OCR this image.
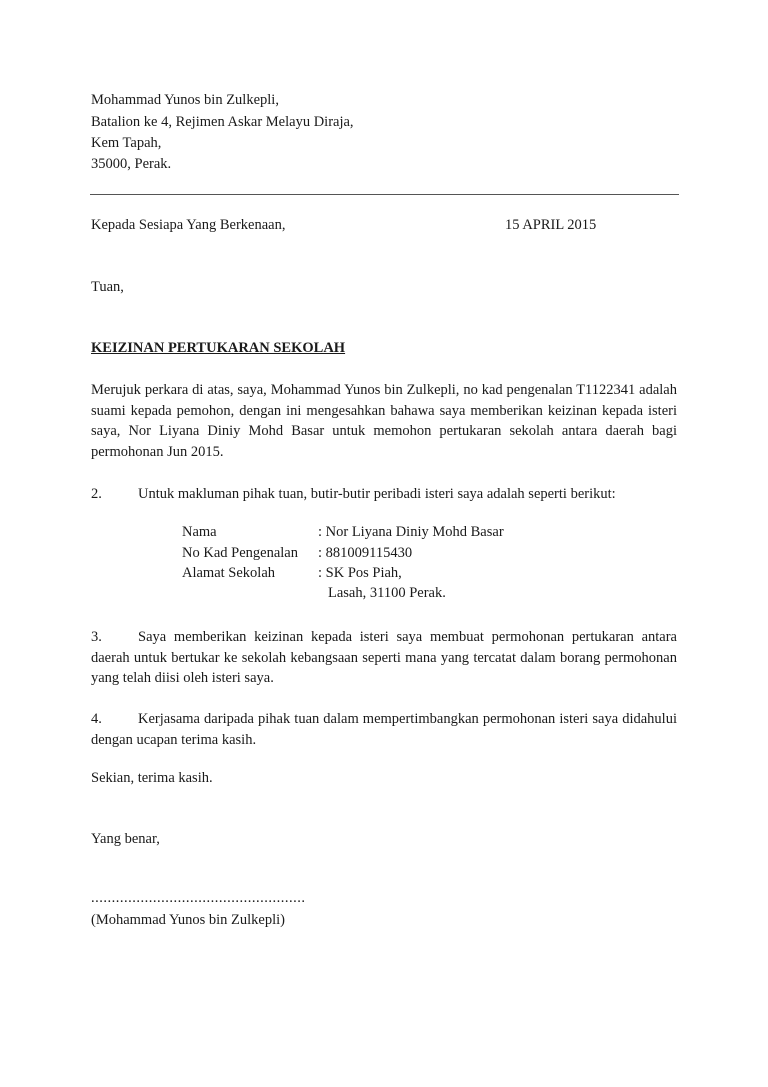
Mohammad Yunos bin Zulkepli,
Batalion ke 4, Rejimen Askar Melayu Diraja,
Kem Tapah,
35000, Perak.
Kepada Sesiapa Yang Berkenaan,	15 APRIL 2015
Tuan,
KEIZINAN PERTUKARAN SEKOLAH
Merujuk perkara di atas, saya, Mohammad Yunos bin Zulkepli, no kad pengenalan T1122341 adalah suami kepada pemohon, dengan ini mengesahkan bahawa saya memberikan keizinan kepada isteri saya, Nor Liyana Diniy Mohd Basar untuk memohon pertukaran sekolah antara daerah bagi permohonan Jun 2015.
2. Untuk makluman pihak tuan, butir-butir peribadi isteri saya adalah seperti berikut:
Nama	: Nor Liyana Diniy Mohd Basar
No Kad Pengenalan : 881009115430
Alamat Sekolah	: SK Pos Piah,
Lasah, 31100 Perak.
3. Saya memberikan keizinan kepada isteri saya membuat permohonan pertukaran antara daerah untuk bertukar ke sekolah kebangsaan seperti mana yang tercatat dalam borang permohonan yang telah diisi oleh isteri saya.
4. Kerjasama daripada pihak tuan dalam mempertimbangkan permohonan isteri saya didahului dengan ucapan terima kasih.
Sekian, terima kasih.
Yang benar,
....................................................
(Mohammad Yunos bin Zulkepli)
